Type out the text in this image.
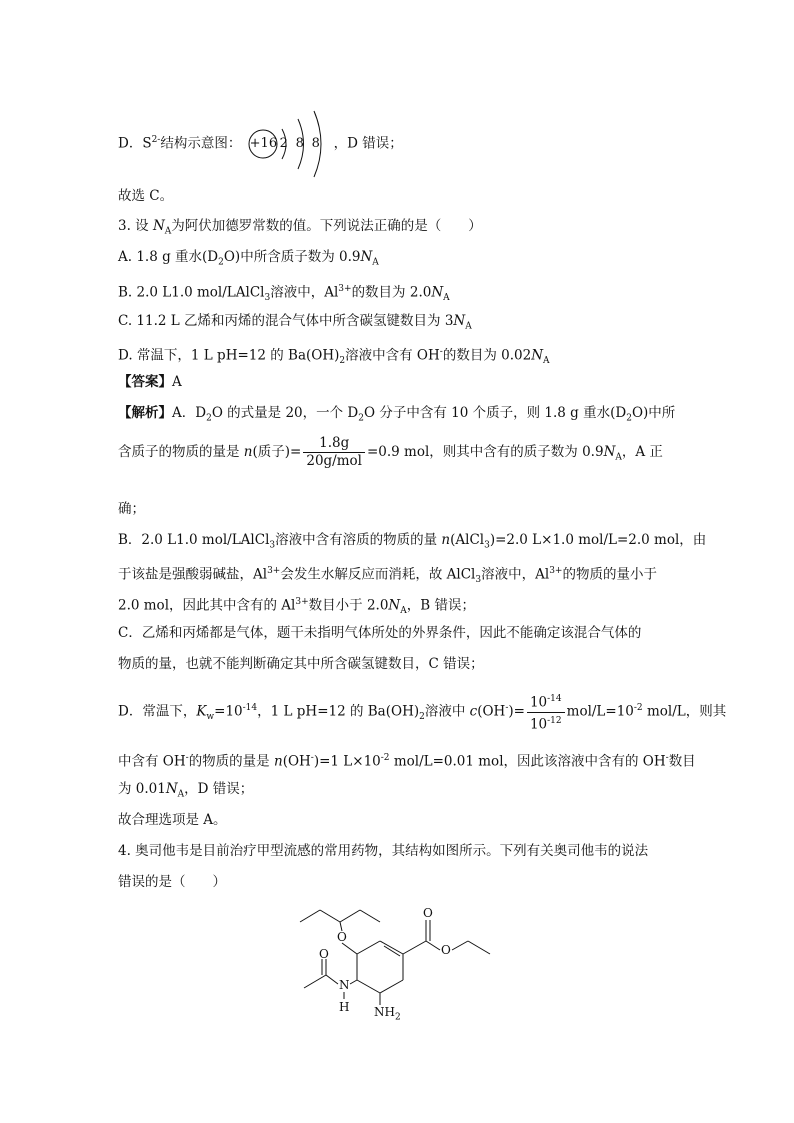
D．$S^{2-}$结构示意图： +16 2 8 8 ，D 错误；
故选 C。
3. 设 $N_A$为阿伏加德罗常数的值。下列说法正确的是（　　）
A. 1.8 g 重水$(D_2O)$中所含质子数为 $0.9N_A$
B. 2.0 L1.0 mol/LAlCl$_3$溶液中，$Al^{3+}$的数目为 $2.0N_A$
C. 11.2 L 乙烯和丙烯的混合气体中所含碳氢键数目为 $3N_A$
D. 常温下，1 L pH=12 的 $Ba(OH)_2$溶液中含有 OH-的数目为 $0.02N_A$
【答案】A
【解析】A．$D_2O$ 的式量是 20，一个 $D_2O$ 分子中含有 10 个质子，则 1.8 g 重水$(D_2O)$中所
含质子的物质的量是 n(质子)= $\frac{1.8g}{\text{20g/mol}} =0.9$ mol，则其中含有的质子数为 $0.9N_A$，A 正
确；
B．2.0 L1.0 mol/LAlCl$_3$溶液中含有溶质的物质的量 n(AlCl$_3$)=2.0 L×1.0 mol/L=2.0 mol，由
于该盐是强酸弱碱盐，$Al^{3+}$会发生水解反应而消耗，故 AlCl$_3$溶液中，$Al^{3+}$的物质的量小于
2.0 mol，因此其中含有的 $Al^{3+}$数目小于 $2.0N_A$，B 错误；
C．乙烯和丙烯都是气体，题干未指明气体所处的外界条件，因此不能确定该混合气体的
物质的量，也就不能判断确定其中所含碳氢键数目，C 错误；
D．常温下，$K_w=10^{-14}$，1 L pH=12 的 $Ba(OH)_2$溶液中 $c(OH^-)= \frac{10^{-14}}{10^{-12}} mol/L=10^{-2}$ mol/L，则其
中含有 OH-的物质的量是 n(OH-)=1 $L\times 10^{-2}$ mol/L=0.01 mol，因此该溶液中含有的 OH-数目
为 $0.01N_A$，D 错误；
故合理选项是 A。
4. 奥司他韦是目前治疗甲型流感的常用药物，其结构如图所示。下列有关奥司他韦的说法
错误的是（　　）
O
O
O
O
N
H $NH_2$
